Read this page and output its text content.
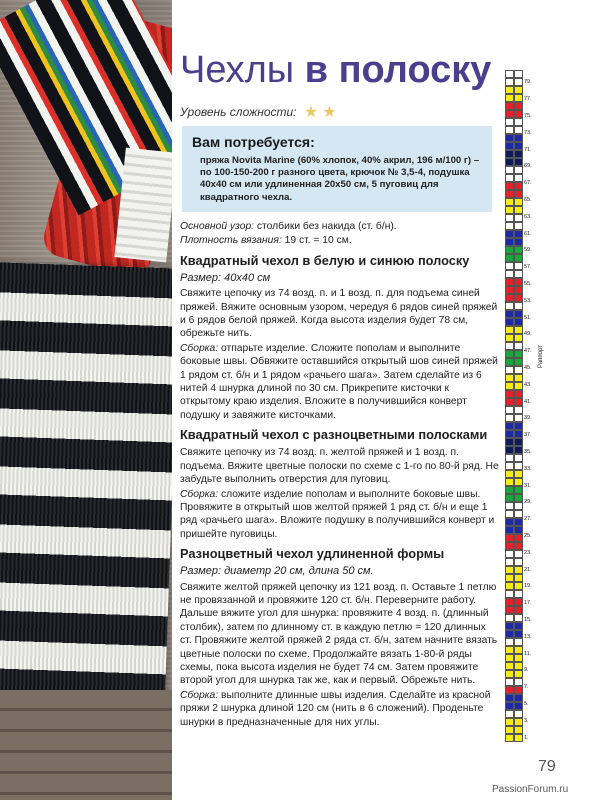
Чехлы в полоску
Уровень сложности: ★ ★
Вам потребуется:

пряжа Novita Marine (60% хлопок, 40% акрил, 196 м/100 г) – по 100-150-200 г разного цвета, крючок № 3,5-4, подушка 40x40 см или удлиненная 20x50 см, 5 пуговиц для квадратного чехла.

Основной узор: столбики без накида (ст. б/н).

Плотность вязания: 19 ст. = 10 см.

Квадратный чехол в белую и синюю полоску
Размер: 40x40 см

Свяжите цепочку из 74 возд. п. и 1 возд. п. для подъема синей пряжей. Вяжите основным узором, чередуя 6 рядов синей пряжей и 6 рядов белой пряжей. Когда высота изделия будет 78 см, обрежьте нить.

Сборка: отпарьте изделие. Сложите пополам и выполните боковые швы. Обвяжите оставшийся открытый шов синей пряжей 1 рядом ст. б/н и 1 рядом «рачьего шага». Затем сделайте из 6 нитей 4 шнурка длиной по 30 см. Прикрепите кисточки к открытому краю изделия. Вложите в получившийся конверт подушку и завяжите кисточками.

Квадратный чехол с разноцветными полосками

Свяжите цепочку из 74 возд. п. желтой пряжей и 1 возд. п. подъема. Вяжите цветные полоски по схеме с 1-го по 80-й ряд. Не забудьте выполнить отверстия для пуговиц.

Сборка: сложите изделие пополам и выполните боковые швы. Провяжите в открытый шов желтой пряжей 1 ряд ст. б/н и еще 1 ряд «рачьего шага». Вложите подушку в получившийся конверт и пришейте пуговицы.

Разноцветный чехол удлиненной формы
Размер: диаметр 20 см, длина 50 см.

Свяжите желтой пряжей цепочку из 121 возд. п. Оставьте 1 петлю не провязанной и провяжите 120 ст. б/н. Переверните работу. Дальше вяжите угол для шнурка: провяжите 4 возд. п. (длинный столбик), затем по длинному ст. в каждую петлю = 120 длинных ст. Провяжите желтой пряжей 2 ряда ст. б/н, затем начните вязать цветные полоски по схеме. Продолжайте вязать 1-80-й ряды схемы, пока высота изделия не будет 74 см. Затем провяжите второй угол для шнурка так же, как и первый. Обрежьте нить.

Сборка: выполните длинные швы изделия. Сделайте из красной пряжи 2 шнурка длиной 120 см (нить в 6 сложений). Проденьте шнурки в предназначенные для них углы.

79.
77.
75.
73.
71.
69.
67.
65.
63.
61.
59.
57.
55.
53.
51.
49.
47.
45.
43.
41.
39.
37.
35.
33.
31.
29.
27.
25.
23.
21.
19.
17.
15.
13.
11.
9.
7.
5.
3.
1.
Раппорт
79
PassionForum.ru
